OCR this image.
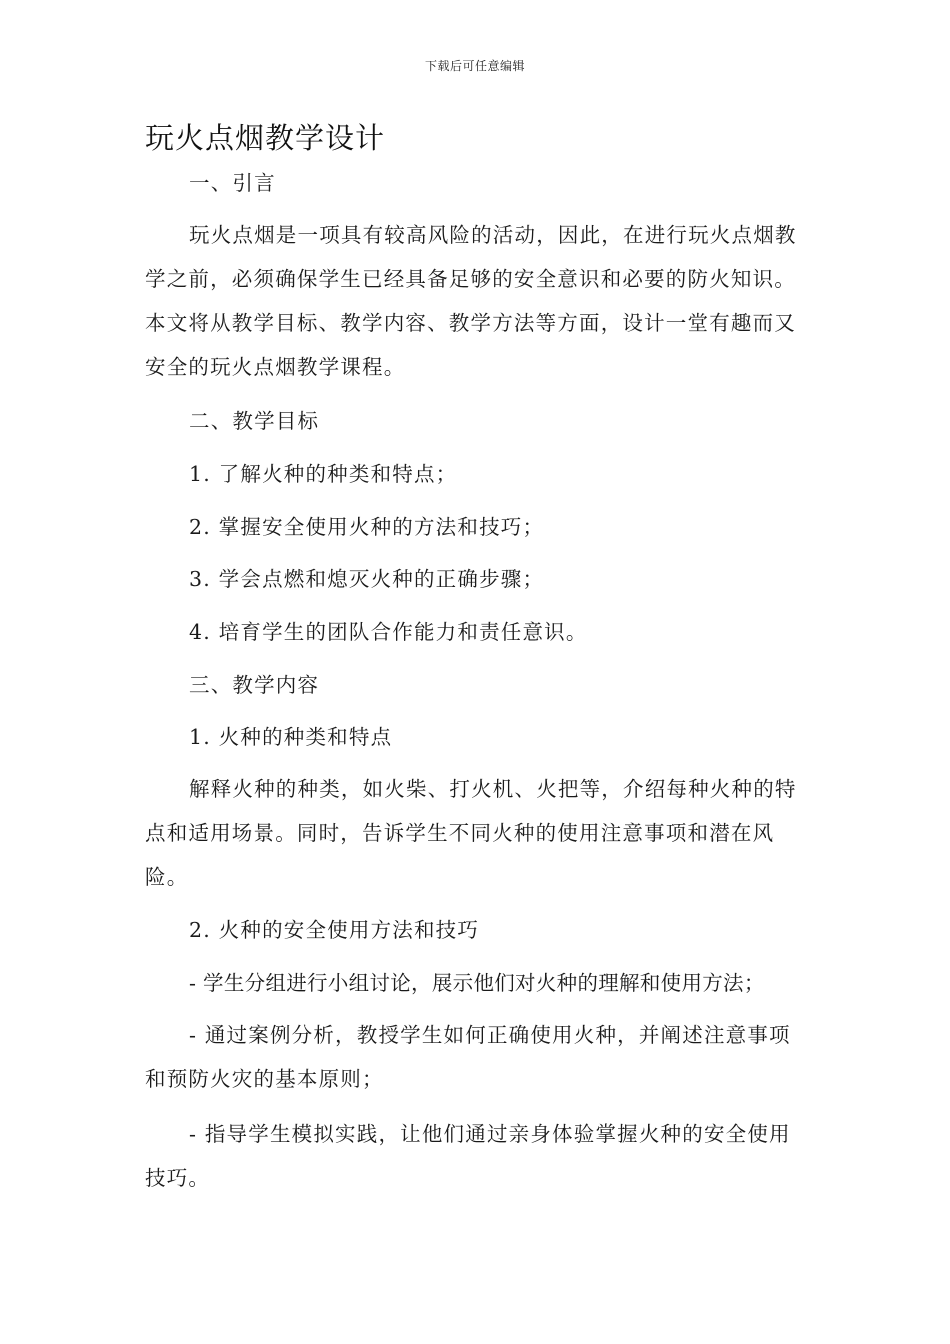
下载后可任意编辑
玩火点烟教学设计

一、引言

玩火点烟是一项具有较高风险的活动，因此，在进行玩火点烟教学之前，必须确保学生已经具备足够的安全意识和必要的防火知识。本文将从教学目标、教学内容、教学方法等方面，设计一堂有趣而又安全的玩火点烟教学课程。

二、教学目标

1. 了解火种的种类和特点；

2. 掌握安全使用火种的方法和技巧；

3. 学会点燃和熄灭火种的正确步骤；

4. 培育学生的团队合作能力和责任意识。

三、教学内容

1. 火种的种类和特点

解释火种的种类，如火柴、打火机、火把等，介绍每种火种的特点和适用场景。同时，告诉学生不同火种的使用注意事项和潜在风险。

2. 火种的安全使用方法和技巧

- 学生分组进行小组讨论，展示他们对火种的理解和使用方法；

- 通过案例分析，教授学生如何正确使用火种，并阐述注意事项和预防火灾的基本原则；

- 指导学生模拟实践，让他们通过亲身体验掌握火种的安全使用技巧。
